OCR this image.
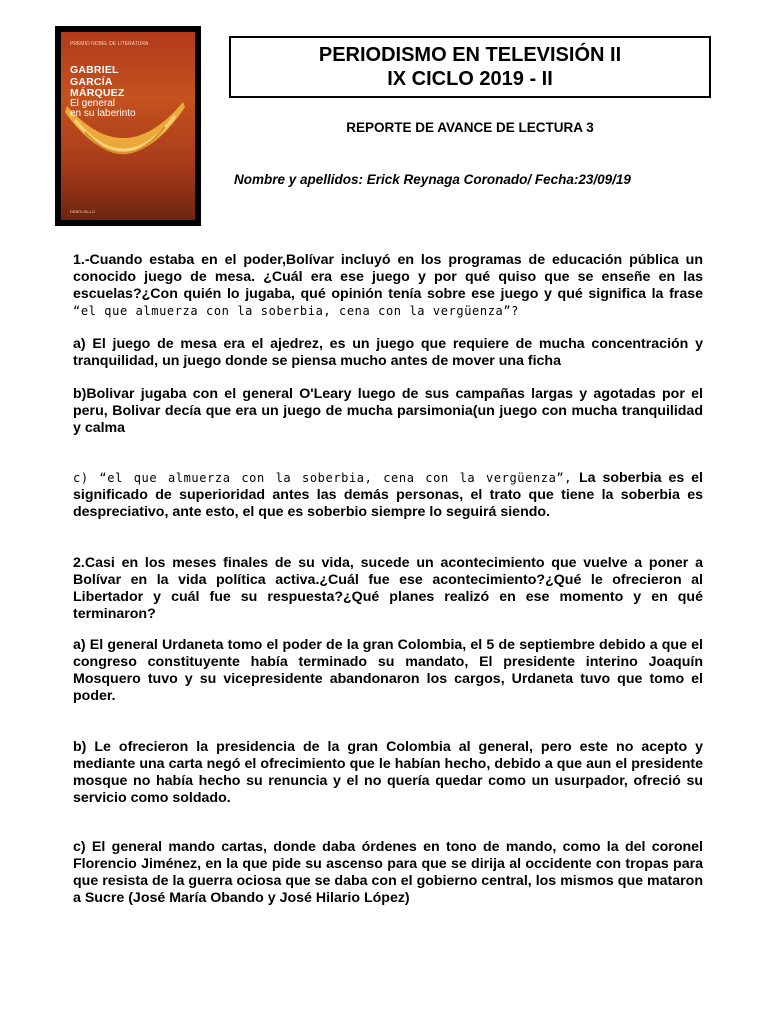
PREMIO NOBEL DE LITERATURA
GABRIEL
GARCÍA
MÁRQUEZ
El general
en su laberinto
DEBOLSILLO
PERIODISMO EN TELEVISIÓN II
IX CICLO 2019 - II
REPORTE DE AVANCE DE LECTURA 3
Nombre y apellidos: Erick Reynaga Coronado/ Fecha:23/09/19

1.-Cuando estaba en el poder,Bolívar incluyó en los programas de educación pública un conocido juego de mesa. ¿Cuál era ese juego y por qué quiso que se enseñe en las escuelas?¿Con quién lo jugaba, qué opinión tenía sobre ese juego y qué significa la frase “el que almuerza con la soberbia, cena con la vergüenza”?

a) El juego de mesa era el ajedrez, es un juego que requiere de mucha concentración y tranquilidad, un juego donde se piensa mucho antes de mover una ficha
b)Bolivar jugaba con el general O'Leary luego de sus campañas largas y agotadas por el peru, Bolivar decía que era un juego de mucha parsimonia(un juego con mucha tranquilidad y calma

c) “el que almuerza con la soberbia, cena con la vergüenza”, La soberbia es el significado de superioridad antes las demás personas, el trato que tiene la soberbia es despreciativo, ante esto, el que es soberbio siempre lo seguirá siendo.

2.Casi en los meses finales de su vida, sucede un acontecimiento que vuelve a poner a Bolívar en la vida política activa.¿Cuál fue ese acontecimiento?¿Qué le ofrecieron al Libertador y cuál fue su respuesta?¿Qué planes realizó en ese momento y en qué terminaron?
a) El general Urdaneta tomo el poder de la gran Colombia, el 5 de septiembre debido a que el congreso constituyente había terminado su mandato, El presidente interino Joaquín Mosquero tuvo y su vicepresidente abandonaron los cargos, Urdaneta tuvo que tomo el poder.
b) Le ofrecieron la presidencia de la gran Colombia al general, pero este no acepto y mediante una carta negó el ofrecimiento que le habían hecho, debido a que aun el presidente mosque no había hecho su renuncia y el no quería quedar como un usurpador, ofreció su servicio como soldado.
c) El general mando cartas, donde daba órdenes en tono de mando, como la del coronel Florencio Jiménez, en la que pide su ascenso para que se dirija al occidente con tropas para que resista de la guerra ociosa que se daba con el gobierno central, los mismos que mataron a Sucre (José María Obando y José Hilario López)
